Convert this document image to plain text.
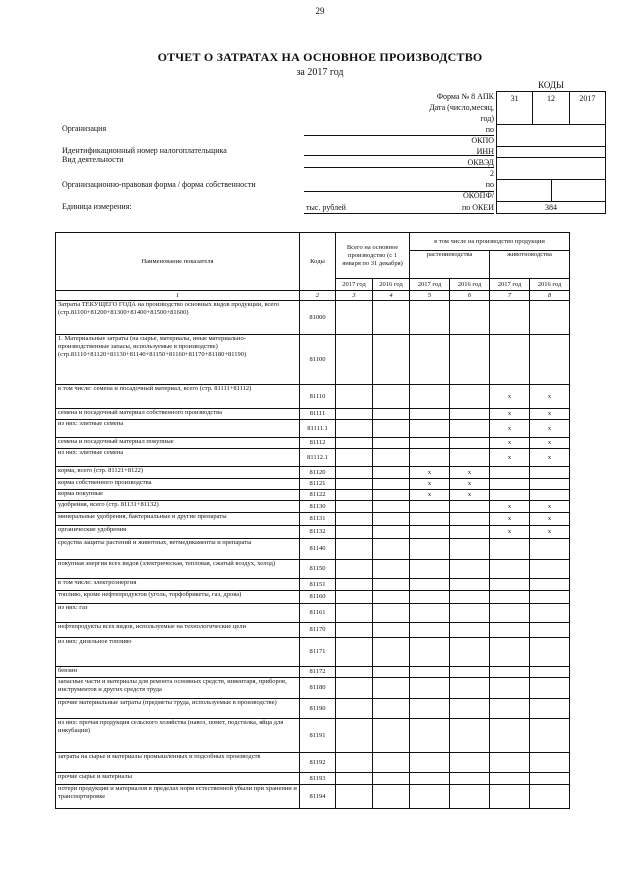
29
ОТЧЕТ О ЗАТРАТАХ НА ОСНОВНОЕ ПРОИЗВОДСТВО
за 2017 год
КОДЫ
Форма № 8 АПК
Дата (число,месяц,
год)
31	12	2017
по
ОКПО
ИНН
ОКВЭД
2
по
ОКОПФ/
по ОКЕИ	384
Организация
Идентификационный номер налогоплательщика
Вид деятельности
Организационно-правовая форма / форма собственности
Единица измерения:	тыс. рублей
Наименование показателя	Коды	Всего на основное производство (с 1 января по 31 декабря)		в том числе на производство продукции			
				растениеводства		животноводства	
		2017 год	2016 год	2017 год	2016 год	2017 год	2016 год
1	2	3	4	5	6	7	8
Затраты ТЕКУЩЕГО ГОДА на производство основных видов продукции, всего (стр.81100+81200+81300+81400+81500+81600)	81000						
1. Материальные затраты (на сырье, материалы, иные материально-производственные запасы, используемые в производстве) (стр.81110+81120+81130+81140+81150+81160+81170+81180+81190)	81100						
в том числе: семена и посадочный материал, всего (стр. 81111+81112)	81110					x	x
семена и посадочный материал собственного производства	81111					x	x
из них: элитные семена	81111.1					x	x
семена и посадочный материал покупные	81112					x	x
из них: элитные семена	81112.1					x	x
корма, всего (стр. 81121+8122)	81120			x	x		
корма собственного производства	81121			x	x		
корма покупные	81122			x	x		
удобрения, всего (стр. 81131+81132)	81130					x	x
минеральные удобрения, бактериальные и другие препараты	81131					x	x
органические удобрения	81132					x	x
средства защиты растений и животных, ветмедикаменты и препараты	81140						
покупная энергия всех видов (электрическая, тепловая, сжатый воздух, холод)	81150						
в том числе: электроэнергия	81151						
топливо, кроме нефтепродуктов (уголь, торфобрикеты, газ, дрова)	81160						
из них: газ	81161						
нефтепродукты всех видов, используемые на технологические цели	81170						
из них: дизельное топливо	81171						
бензин	81172						
запасные части и материалы для ремонта основных средств, инвентаря, приборов, инструментов и других средств труда	81180						
прочие материальные затраты (предметы труда, используемые в производстве)	81190						
из них: прочая продукция сельского хозяйства (навоз, помет, подстилка, яйца для инкубации)	81191						
затраты на сырье и материалы промышленных и подсобных производств	81192						
прочие сырье и материалы	81193						
потери продукции и материалов в пределах норм естественной убыли при хранении и транспортировке	81194						
